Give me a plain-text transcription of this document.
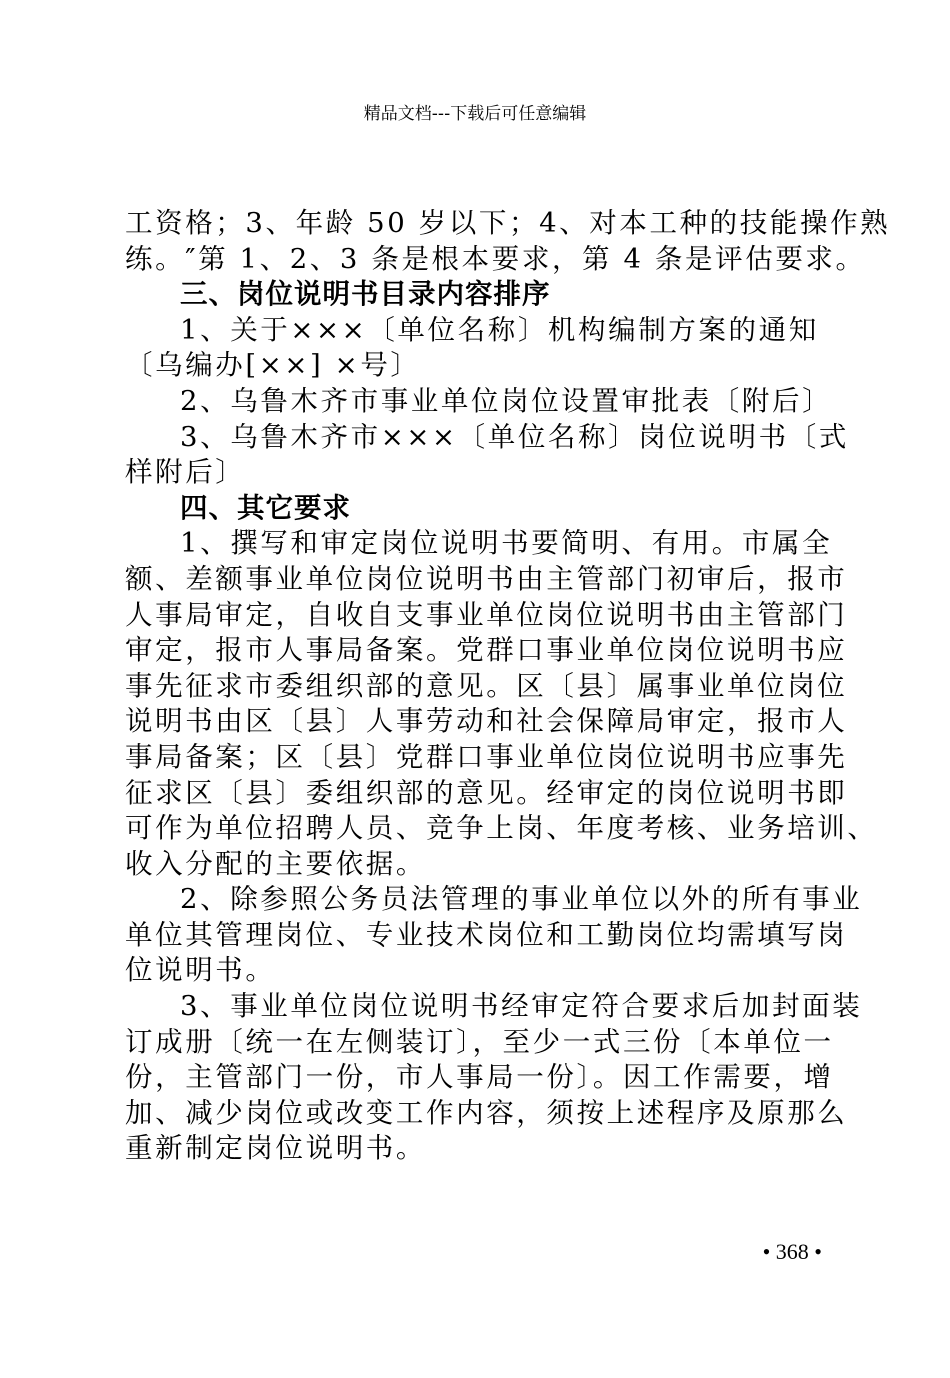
精品文档---下载后可任意编辑
工资格；3、年龄 50 岁以下；4、对本工种的技能操作熟
练。″第 1、2、3 条是根本要求，第 4 条是评估要求。
三、岗位说明书目录内容排序
1、关于×××〔单位名称〕机构编制方案的通知
〔乌编办[××] ×号〕
2、乌鲁木齐市事业单位岗位设置审批表〔附后〕
3、乌鲁木齐市×××〔单位名称〕岗位说明书〔式
样附后〕
四、其它要求
1、撰写和审定岗位说明书要简明、有用。市属全
额、差额事业单位岗位说明书由主管部门初审后，报市
人事局审定，自收自支事业单位岗位说明书由主管部门
审定，报市人事局备案。党群口事业单位岗位说明书应
事先征求市委组织部的意见。区〔县〕属事业单位岗位
说明书由区〔县〕人事劳动和社会保障局审定，报市人
事局备案；区〔县〕党群口事业单位岗位说明书应事先
征求区〔县〕委组织部的意见。经审定的岗位说明书即
可作为单位招聘人员、竞争上岗、年度考核、业务培训、
收入分配的主要依据。
2、除参照公务员法管理的事业单位以外的所有事业
单位其管理岗位、专业技术岗位和工勤岗位均需填写岗
位说明书。
3、事业单位岗位说明书经审定符合要求后加封面装
订成册〔统一在左侧装订〕，至少一式三份〔本单位一
份，主管部门一份，市人事局一份〕。因工作需要，增
加、减少岗位或改变工作内容，须按上述程序及原那么
重新制定岗位说明书。
• 368 •
